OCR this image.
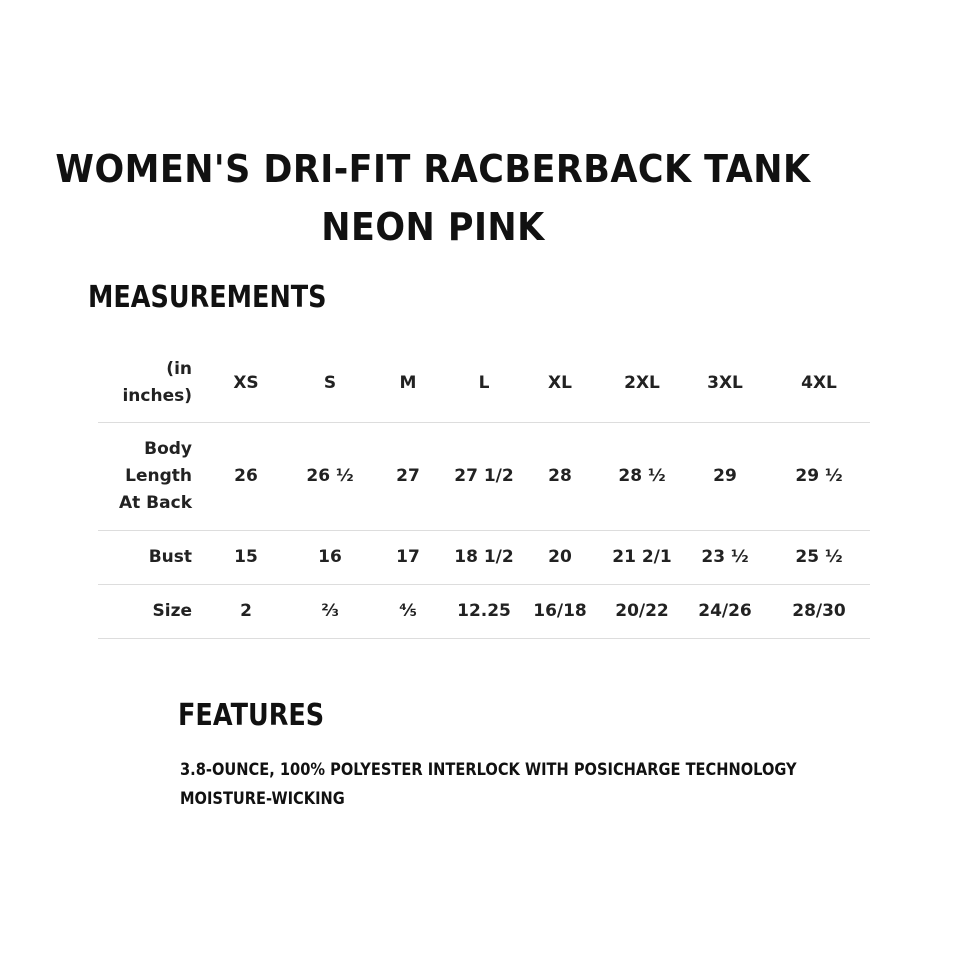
WOMEN'S DRI-FIT RACBERBACK TANK
NEON PINK
MEASUREMENTS
(in inches)	XS	S	M	L	XL	2XL	3XL	4XL
Body Length At Back	26	26 ½	27	27 1/2	28	28 ½	29	29 ½
Bust	15	16	17	18 1/2	20	21 2/1	23 ½	25 ½
Size	2	⅔	⅘	12.25	16/18	20/22	24/26	28/30
FEATURES
3.8-OUNCE, 100% POLYESTER INTERLOCK WITH POSICHARGE TECHNOLOGY
MOISTURE-WICKING
